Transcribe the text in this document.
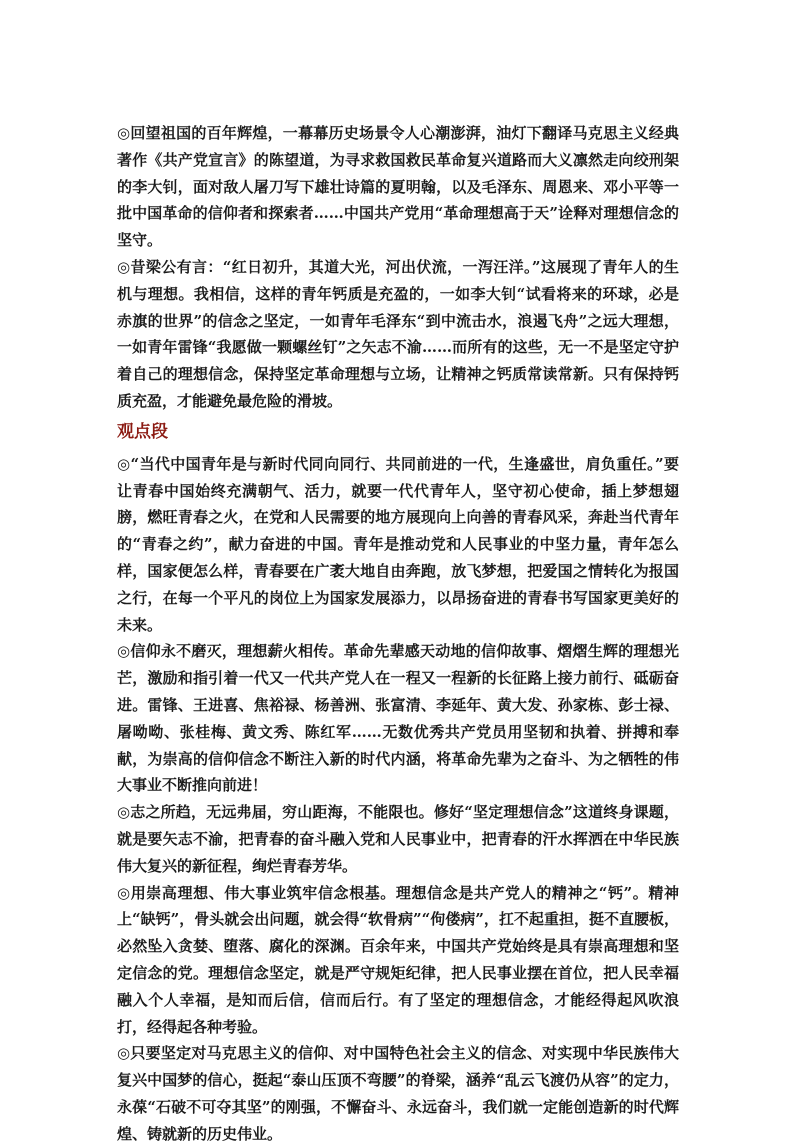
◎回望祖国的百年辉煌，一幕幕历史场景令人心潮澎湃，油灯下翻译马克思主义经典著作《共产党宣言》的陈望道，为寻求救国救民革命复兴道路而大义凛然走向绞刑架的李大钊，面对敌人屠刀写下雄壮诗篇的夏明翰，以及毛泽东、周恩来、邓小平等一批中国革命的信仰者和探索者……中国共产党用“革命理想高于天”诠释对理想信念的坚守。

◎昔梁公有言：“红日初升，其道大光，河出伏流，一泻汪洋。”这展现了青年人的生机与理想。我相信，这样的青年钙质是充盈的，一如李大钊“试看将来的环球，必是赤旗的世界”的信念之坚定，一如青年毛泽东“到中流击水，浪遏飞舟”之远大理想，一如青年雷锋“我愿做一颗螺丝钉”之矢志不渝……而所有的这些，无一不是坚定守护着自己的理想信念，保持坚定革命理想与立场，让精神之钙质常读常新。只有保持钙质充盈，才能避免最危险的滑坡。

观点段

◎“当代中国青年是与新时代同向同行、共同前进的一代，生逢盛世，肩负重任。”要让青春中国始终充满朝气、活力，就要一代代青年人，坚守初心使命，插上梦想翅膀，燃旺青春之火，在党和人民需要的地方展现向上向善的青春风采，奔赴当代青年的“青春之约”，献力奋进的中国。青年是推动党和人民事业的中坚力量，青年怎么样，国家便怎么样，青春要在广袤大地自由奔跑，放飞梦想，把爱国之情转化为报国之行，在每一个平凡的岗位上为国家发展添力，以昂扬奋进的青春书写国家更美好的未来。

◎信仰永不磨灭，理想薪火相传。革命先辈感天动地的信仰故事、熠熠生辉的理想光芒，激励和指引着一代又一代共产党人在一程又一程新的长征路上接力前行、砥砺奋进。雷锋、王进喜、焦裕禄、杨善洲、张富清、李延年、黄大发、孙家栋、彭士禄、屠呦呦、张桂梅、黄文秀、陈红军……无数优秀共产党员用坚韧和执着、拼搏和奉献，为崇高的信仰信念不断注入新的时代内涵，将革命先辈为之奋斗、为之牺牲的伟大事业不断推向前进！

◎志之所趋，无远弗届，穷山距海，不能限也。修好“坚定理想信念”这道终身课题，就是要矢志不渝，把青春的奋斗融入党和人民事业中，把青春的汗水挥洒在中华民族伟大复兴的新征程，绚烂青春芳华。

◎用崇高理想、伟大事业筑牢信念根基。理想信念是共产党人的精神之“钙”。精神上“缺钙”，骨头就会出问题，就会得“软骨病”“佝偻病”，扛不起重担，挺不直腰板，必然坠入贪婪、堕落、腐化的深渊。百余年来，中国共产党始终是具有崇高理想和坚定信念的党。理想信念坚定，就是严守规矩纪律，把人民事业摆在首位，把人民幸福融入个人幸福，是知而后信，信而后行。有了坚定的理想信念，才能经得起风吹浪打，经得起各种考验。

◎只要坚定对马克思主义的信仰、对中国特色社会主义的信念、对实现中华民族伟大复兴中国梦的信心，挺起“泰山压顶不弯腰”的脊梁，涵养“乱云飞渡仍从容”的定力，永葆“石破不可夺其坚”的刚强，不懈奋斗、永远奋斗，我们就一定能创造新的时代辉煌、铸就新的历史伟业。
